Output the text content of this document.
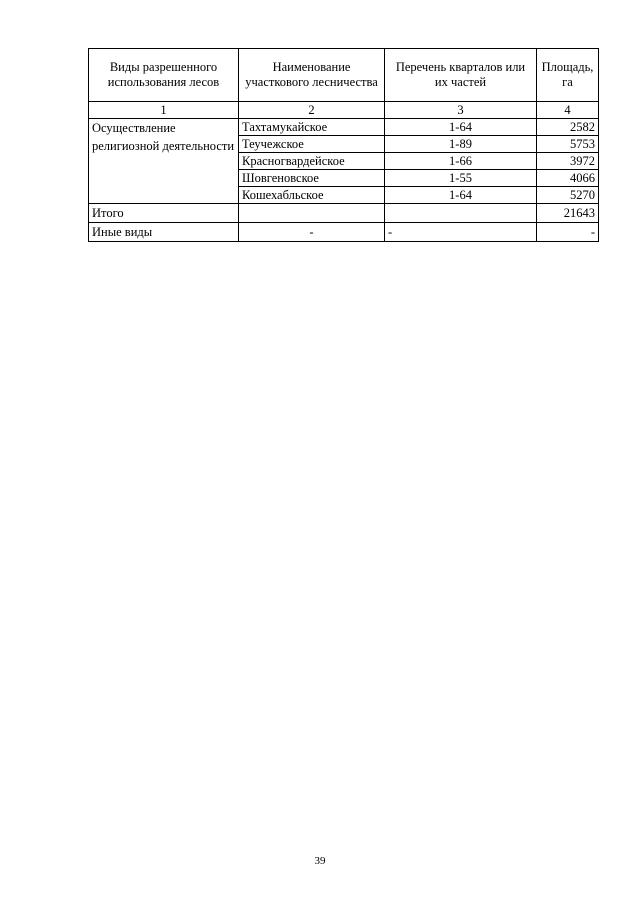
Виды разрешенного использования лесов	Наименование участкового лесничества	Перечень кварталов или их частей	Площадь, га
1	2	3	4
Осуществление религиозной деятельности	Тахтамукайское	1-64	2582
	Теучежское	1-89	5753
	Красногвардейское	1-66	3972
	Шовгеновское	1-55	4066
	Кошехабльское	1-64	5270
Итого			21643
Иные виды	-	-	-
39
